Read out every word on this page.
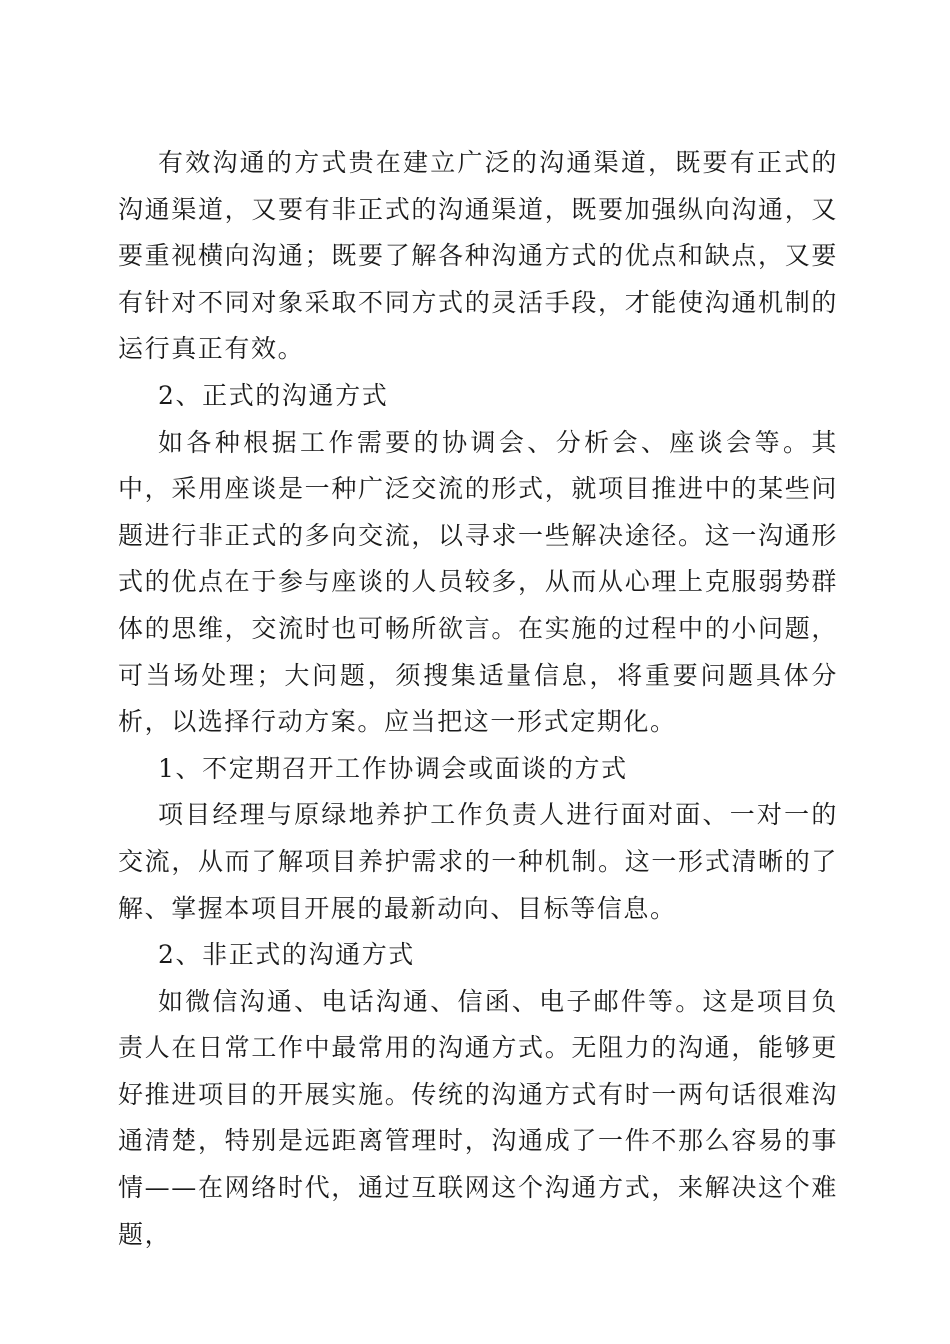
有效沟通的方式贵在建立广泛的沟通渠道，既要有正式的沟通渠道，又要有非正式的沟通渠道，既要加强纵向沟通，又要重视横向沟通；既要了解各种沟通方式的优点和缺点，又要有针对不同对象采取不同方式的灵活手段，才能使沟通机制的运行真正有效。

2、正式的沟通方式

如各种根据工作需要的协调会、分析会、座谈会等。其中，采用座谈是一种广泛交流的形式，就项目推进中的某些问题进行非正式的多向交流，以寻求一些解决途径。这一沟通形式的优点在于参与座谈的人员较多，从而从心理上克服弱势群体的思维，交流时也可畅所欲言。在实施的过程中的小问题，可当场处理；大问题，须搜集适量信息，将重要问题具体分析，以选择行动方案。应当把这一形式定期化。

1、不定期召开工作协调会或面谈的方式

项目经理与原绿地养护工作负责人进行面对面、一对一的交流，从而了解项目养护需求的一种机制。这一形式清晰的了解、掌握本项目开展的最新动向、目标等信息。

2、非正式的沟通方式

如微信沟通、电话沟通、信函、电子邮件等。这是项目负责人在日常工作中最常用的沟通方式。无阻力的沟通，能够更好推进项目的开展实施。传统的沟通方式有时一两句话很难沟通清楚，特别是远距离管理时，沟通成了一件不那么容易的事情——在网络时代，通过互联网这个沟通方式，来解决这个难题，
